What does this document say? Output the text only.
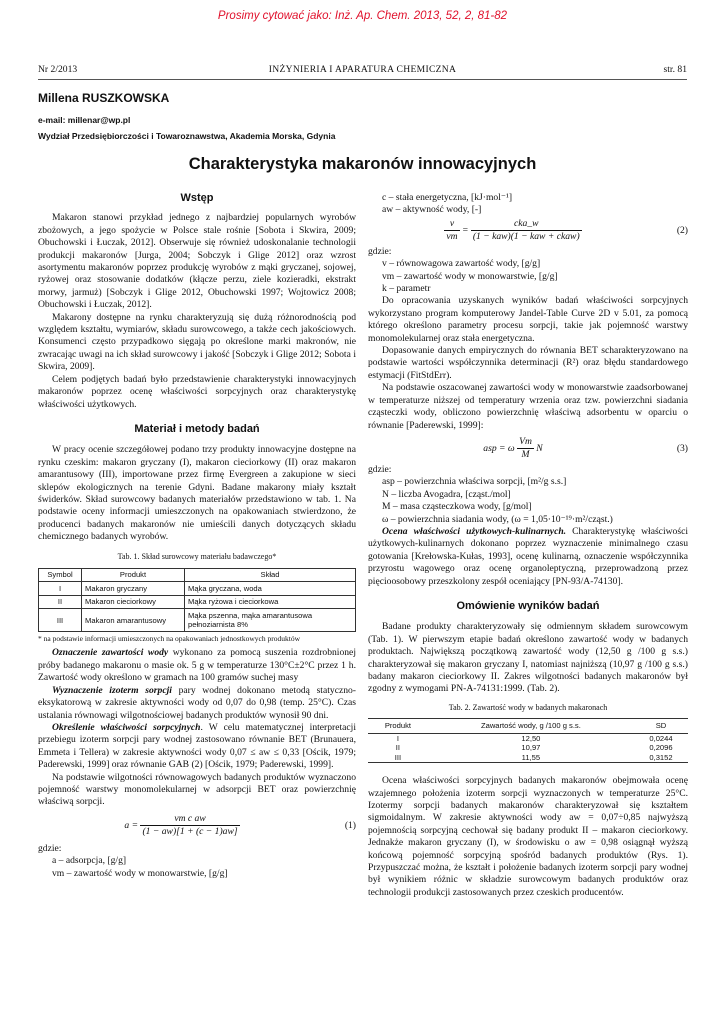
Prosimy cytować jako: Inż. Ap. Chem. 2013, 52, 2, 81-82
Nr 2/2013	INŻYNIERIA I APARATURA CHEMICZNA	str. 81
Millena RUSZKOWSKA
e-mail: millenar@wp.pl
Wydział Przedsiębiorczości i Towaroznawstwa, Akademia Morska, Gdynia
Charakterystyka makaronów innowacyjnych
Wstęp

Makaron stanowi przykład jednego z najbardziej popularnych wyrobów zbożowych, a jego spożycie w Polsce stale rośnie [Sobota i Skwira, 2009; Obuchowski i Łuczak, 2012]. Obserwuje się również udoskonalanie technologii produkcji makaronów [Jurga, 2004; Sobczyk i Glige 2012] oraz wzrost asortymentu makaronów poprzez produkcję wyrobów z mąki gryczanej, sojowej, ryżowej oraz stosowanie dodatków (kłącze perzu, ziele kozieradki, ekstrakt morwy, jarmuż) [Sobczyk i Glige 2012, Obuchowski 1997; Wojtowicz 2008; Obuchowski i Łuczak, 2012].

Makarony dostępne na rynku charakteryzują się dużą różnorodnością pod względem kształtu, wymiarów, składu surowcowego, a także cech jakościowych. Konsumenci często przypadkowo sięgają po określone marki makronów, nie zwracając uwagi na ich skład surowcowy i jakość [Sobczyk i Glige 2012; Sobota i Skwira, 2009].

Celem podjętych badań było przedstawienie charakterystyki innowacyjnych makaronów poprzez ocenę właściwości sorpcyjnych oraz charakterystykę właściwości użytkowych.

Materiał i metody badań

W pracy ocenie szczegółowej podano trzy produkty innowacyjne dostępne na rynku czeskim: makaron gryczany (I), makaron cieciorkowy (II) oraz makaron amarantusowy (III), importowane przez firmę Evergreen a zakupione w sieci sklepów ekologicznych na terenie Gdyni. Badane makarony miały kształt świderków. Skład surowcowy badanych materiałów przedstawiono w tab. 1. Na podstawie oceny informacji umieszczonych na opakowaniach stwierdzono, że producenci badanych makaronów nie umieścili danych dotyczących składu chemicznego badanych wyrobów.

Tab. 1. Skład surowcowy materiału badawczego*
Symbol	Produkt	Skład
I	Makaron gryczany	Mąka gryczana, woda
II	Makaron cieciorkowy	Mąka ryżowa i cieciorkowa
III	Makaron amarantusowy	Mąka pszenna, mąka amarantusowa pełnoziarnista 8%
* na podstawie informacji umieszczonych na opakowaniach jednostkowych produktów

Oznaczenie zawartości wody wykonano za pomocą suszenia rozdrobnionej próby badanego makaronu o masie ok. 5 g w temperaturze 130°C±2°C przez 1 h. Zawartość wody określono w gramach na 100 gramów suchej masy

Wyznaczenie izoterm sorpcji pary wodnej dokonano metodą statyczno-eksykatorową w zakresie aktywności wody od 0,07 do 0,98 (temp. 25°C). Czas ustalania równowagi wilgotnościowej badanych produktów wynosił 90 dni.

Określenie właściwości sorpcyjnych. W celu matematycznej interpretacji przebiegu izoterm sorpcji pary wodnej zastosowano równanie BET (Brunauera, Emmeta i Tellera) w zakresie aktywności wody 0,07 ≤ aw ≤ 0,33 [Ościk, 1979; Paderewski, 1999] oraz równanie GAB (2) [Ościk, 1979; Paderewski, 1999].

Na podstawie wilgotności równowagowych badanych produktów wyznaczono pojemność warstwy monomolekularnej w adsorpcji BET oraz powierzchnię właściwą sorpcji.

$a = \frac{\text{vm c aw}}{(1 - aw)[1 + (c - 1)aw]}$	(1)
gdzie:
a – adsorpcja, [g/g]
vm – zawartość wody w monowarstwie, [g/g]
c – stała energetyczna, [kJ·mol⁻¹]
aw – aktywność wody, [-]
$\frac{v}{vm} = \frac{\text{cka\_w}}{\text{(1 − kaw)(1 − kaw + ckaw)}}$	(2)
gdzie:
v – równowagowa zawartość wody, [g/g]
vm – zawartość wody w monowarstwie, [g/g]
k – parametr

Do opracowania uzyskanych wyników badań właściwości sorpcyjnych wykorzystano program komputerowy Jandel-Table Curve 2D v 5.01, za pomocą którego określono parametry procesu sorpcji, takie jak pojemność warstwy monomolekularnej oraz stała energetyczna.

Dopasowanie danych empirycznych do równania BET scharakteryzowano na podstawie wartości współczynnika determinacji (R²) oraz błędu standardowego estymacji (FitStdErr).

Na podstawie oszacowanej zawartości wody w monowarstwie zaadsorbowanej w temperaturze niższej od temperatury wrzenia oraz tzw. powierzchni siadania cząsteczki wody, obliczono powierzchnię właściwą adsorbentu w oparciu o równanie [Paderewski, 1999]:

asp = ω $\frac{Vm}{M}$ N	(3)
gdzie:
asp – powierzchnia właściwa sorpcji, [m²/g s.s.]
N – liczba Avogadra, [cząst./mol]
M – masa cząsteczkowa wody, [g/mol]
ω – powierzchnia siadania wody, (ω = 1,05·10⁻¹⁹·m²/cząst.)

Ocena właściwości użytkowych-kulinarnych. Charakterystykę właściwości użytkowych-kulinarnych dokonano poprzez wyznaczenie minimalnego czasu gotowania [Krełowska-Kułas, 1993], ocenę kulinarną, oznaczenie współczynnika przyrostu wagowego oraz ocenę organoleptyczną, przeprowadzoną przez pięcioosobowy przeszkolony zespół oceniający [PN-93/A-74130].

Omówienie wyników badań

Badane produkty charakteryzowały się odmiennym składem surowcowym (Tab. 1). W pierwszym etapie badań określono zawartość wody w badanych produktach. Największą początkową zawartość wody (12,50 g /100 g s.s.) charakteryzował się makaron gryczany I, natomiast najniższą (10,97 g /100 g s.s.) badany makaron cieciorkowy II. Zakres wilgotności badanych makaronów był zgodny z wymogami PN-A-74131:1999. (Tab. 2).

Tab. 2. Zawartość wody w badanych makaronach
Produkt	Zawartość wody, g /100 g s.s.	SD
I	12,50	0,0244
II	10,97	0,2096
III	11,55	0,3152

Ocena właściwości sorpcyjnych badanych makaronów obejmowała ocenę wzajemnego położenia izoterm sorpcji wyznaczonych w temperaturze 25°C. Izotermy sorpcji badanych makaronów charakteryzował się kształtem sigmoidalnym. W zakresie aktywności wody aw = 0,07÷0,85 najwyższą pojemnością sorpcyjną cechował się badany produkt II – makaron cieciorkowy. Jednakże makaron gryczany (I), w środowisku o aw = 0,98 osiągnął wyższą końcową pojemność sorpcyjną spośród badanych produktów (Rys. 1). Przypuszczać można, że kształt i położenie badanych izoterm sorpcji pary wodnej był wynikiem różnic w składzie surowcowym badanych produktów oraz technologii produkcji zastosowanych przez czeskich producentów.
